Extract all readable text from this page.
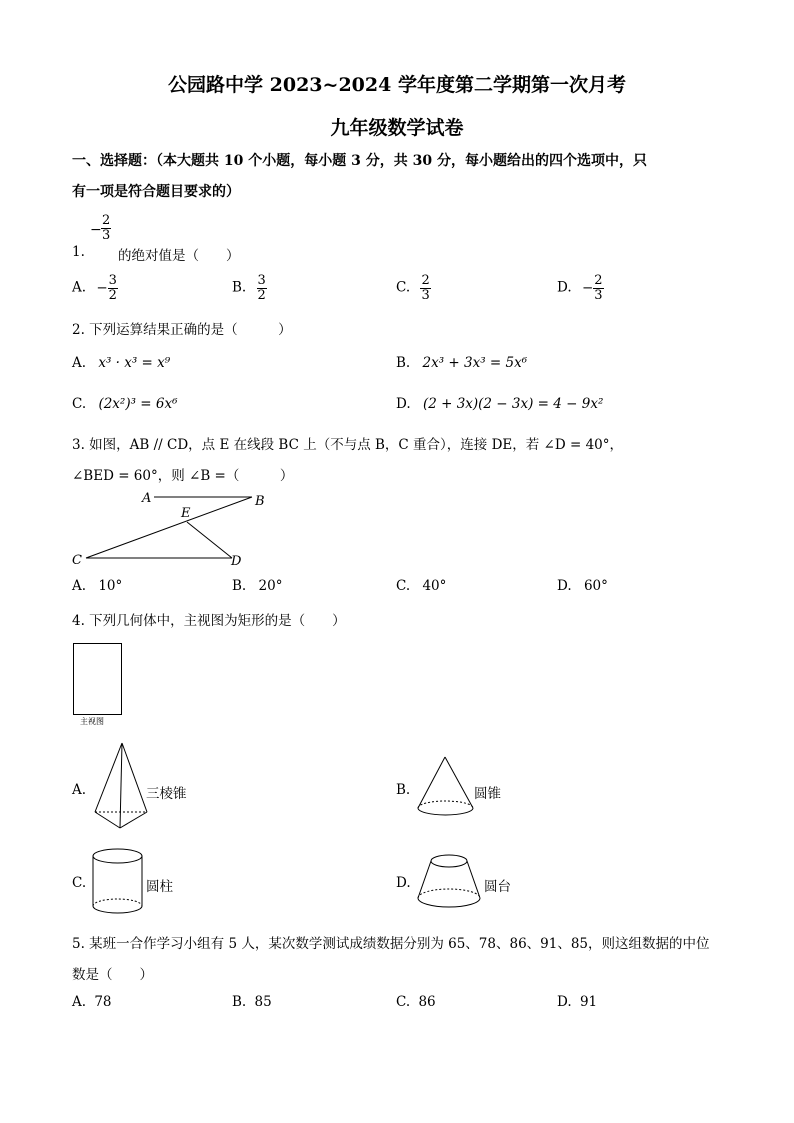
公园路中学 2023~2024 学年度第二学期第一次月考
九年级数学试卷
一、选择题：（本大题共 10 个小题，每小题 3 分，共 30 分，每小题给出的四个选项中，只
有一项是符合题目要求的）
1.
− $\frac{2}{3}$
的绝对值是（　　）
A. − $\frac{3}{2}$	B. $\frac{3}{2}$	C. $\frac{2}{3}$	D. − $\frac{2}{3}$
2. 下列运算结果正确的是（　　　）
A. x³ · x³ = x⁹	B. 2x³ + 3x³ = 5x⁶
C. (2x²)³ = 6x⁶	D. (2 + 3x)(2 − 3x) = 4 − 9x²
3. 如图，AB // CD，点 E 在线段 BC 上（不与点 B，C 重合），连接 DE，若 ∠D = 40°，
∠BED = 60°，则 ∠B =（　　　）
A	B
E
C	D
A. 10°	B. 20°	C. 40°	D. 60°
4. 下列几何体中，主视图为矩形的是（　　）
主视图
A.	三棱锥	B.	圆锥
C.	圆柱	D.	圆台
5. 某班一合作学习小组有 5 人，某次数学测试成绩数据分别为 65、78、86、91、85，则这组数据的中位
数是（　　）
A. 78	B. 85	C. 86	D. 91
